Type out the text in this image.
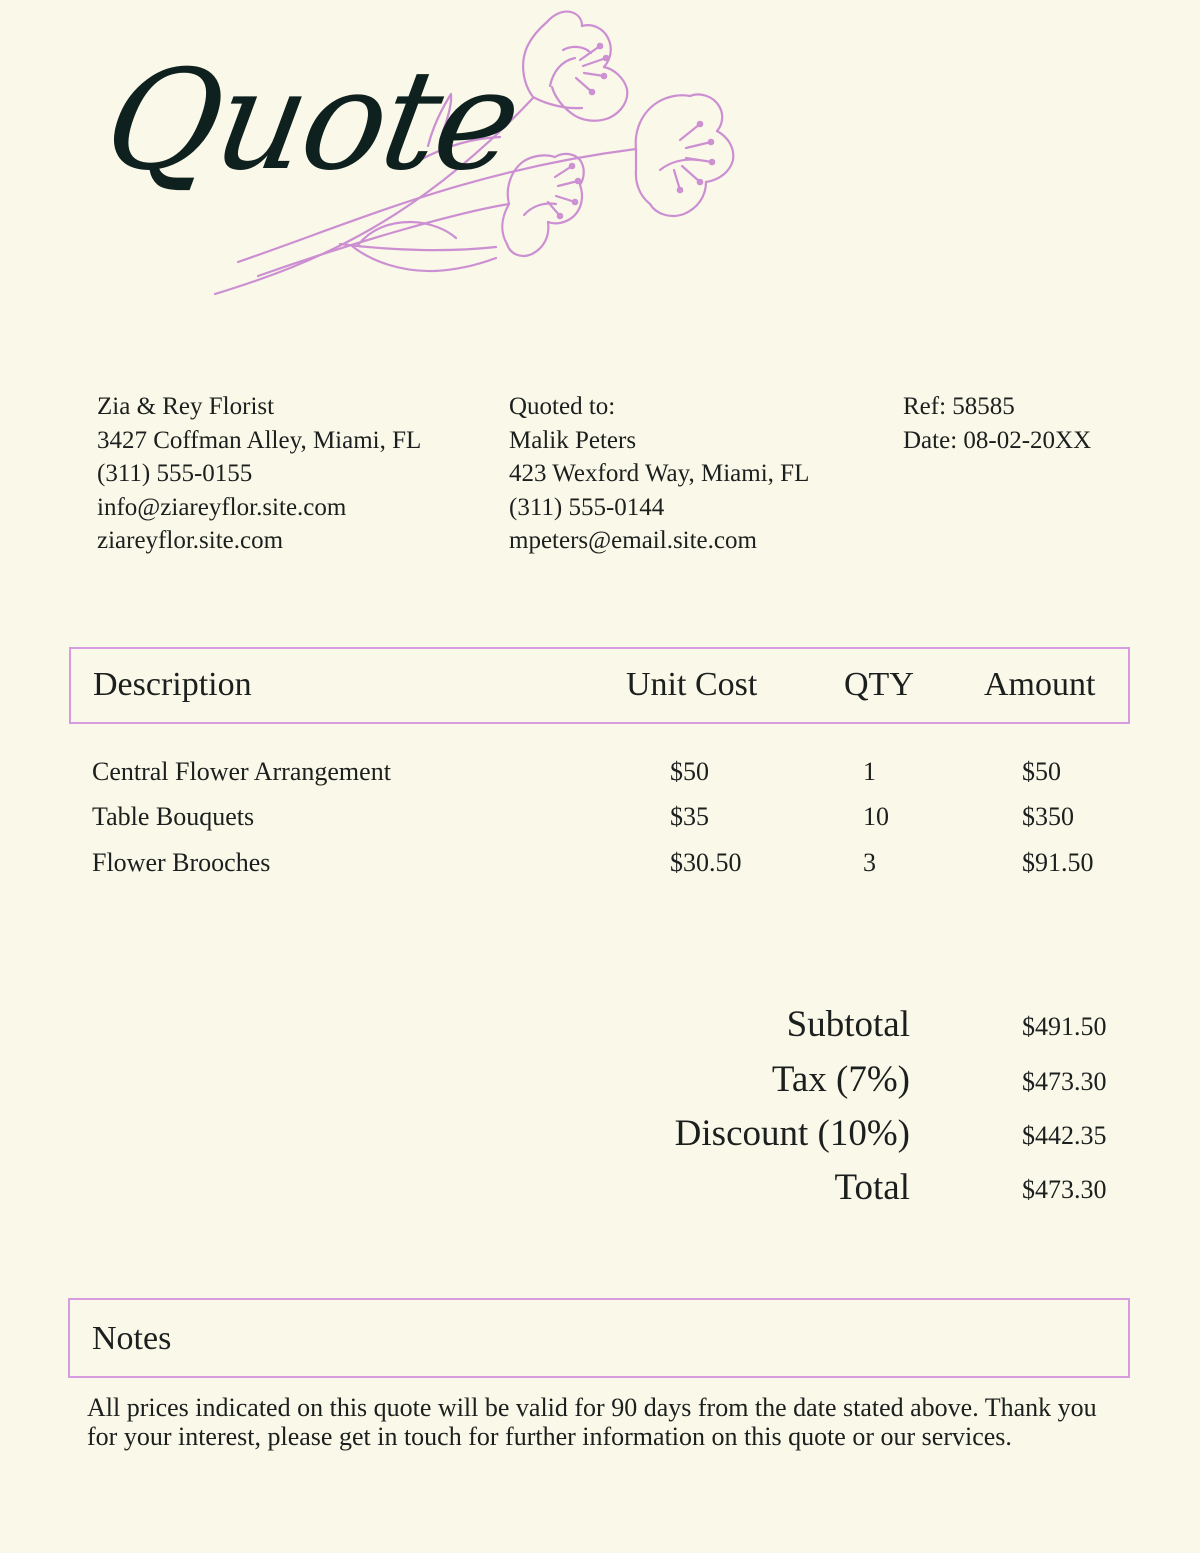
Quote
Zia & Rey Florist
3427 Coffman Alley, Miami, FL
(311) 555-0155
info@ziareyflor.site.com
ziareyflor.site.com
Quoted to:
Malik Peters
423 Wexford Way, Miami, FL
(311) 555-0144
mpeters@email.site.com
Ref: 58585
Date: 08-02-20XX
Description	Unit Cost	QTY Amount
Central Flower Arrangement	$50	1	$50
Table Bouquets	$35	10	$350
Flower Brooches	$30.50	3	$91.50
Subtotal	$491.50
Tax (7%)	$473.30
Discount (10%)	$442.35
Total	$473.30
Notes
All prices indicated on this quote will be valid for 90 days from the date stated above. Thank you for your interest, please get in touch for further information on this quote or our services.
